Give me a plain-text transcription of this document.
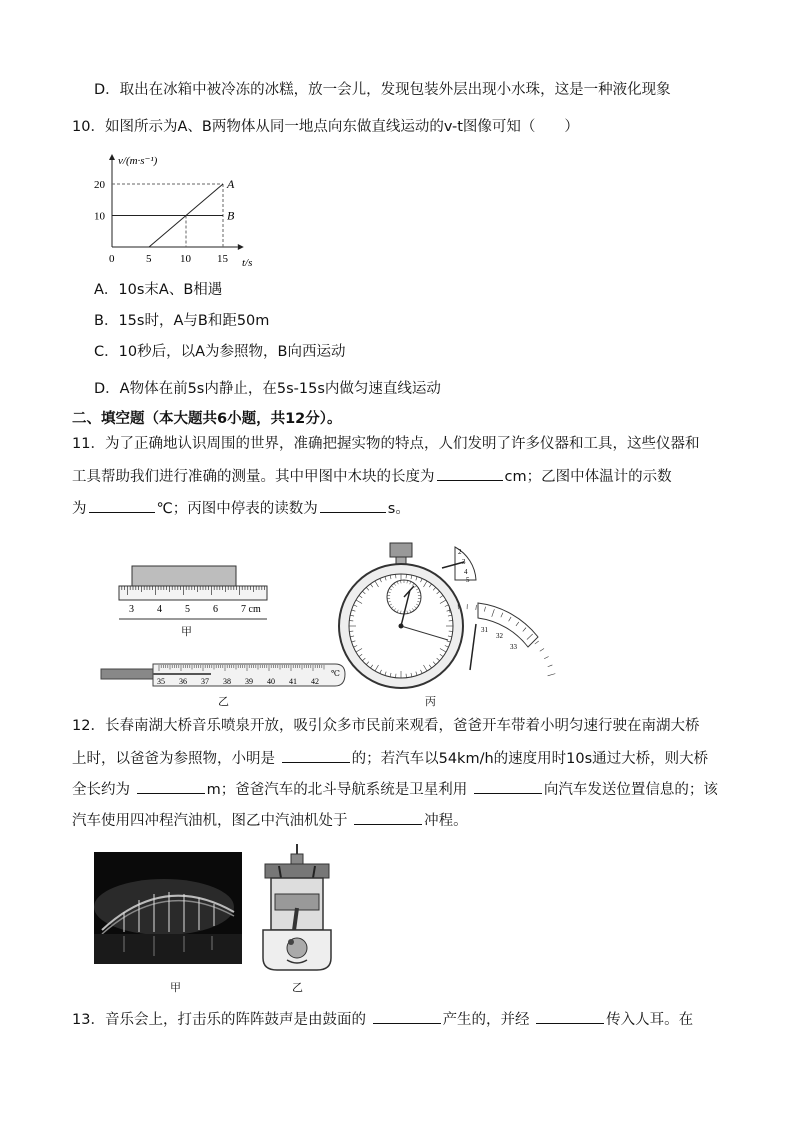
D．取出在冰箱中被冷冻的冰糕，放一会儿，发现包装外层出现小水珠，这是一种液化现象
10．如图所示为A、B两物体从同一地点向东做直线运动的v-t图像可知（　　）
v/(m·s⁻¹)
t/s
A
B
0	5	10 15
10
20
A．10s末A、B相遇
B．15s时，A与B和距50m
C．10秒后，以A为参照物，B向西运动
D．A物体在前5s内静止，在5s-15s内做匀速直线运动
二、填空题（本大题共6小题，共12分）。
11．为了正确地认识周围的世界，准确把握实物的特点，人们发明了许多仪器和工具，这些仪器和
工具帮助我们进行准确的测量。其中甲图中木块的长度为	cm；乙图中体温计的示数
为	℃；丙图中停表的读数为	s。
3 4 5 6 7 cm
甲
35 36 37 38 39 40 41 42
℃
乙
2
3
4
5
31
32
33
丙
12．长春南湖大桥音乐喷泉开放，吸引众多市民前来观看，爸爸开车带着小明匀速行驶在南湖大桥
上时，以爸爸为参照物，小明是	的；若汽车以54km/h的速度用时10s通过大桥，则大桥
全长约为	m；爸爸汽车的北斗导航系统是卫星利用	向汽车发送位置信息的；该
汽车使用四冲程汽油机，图乙中汽油机处于	冲程。
甲	乙
13．音乐会上，打击乐的阵阵鼓声是由鼓面的	产生的，并经	传入人耳。在
